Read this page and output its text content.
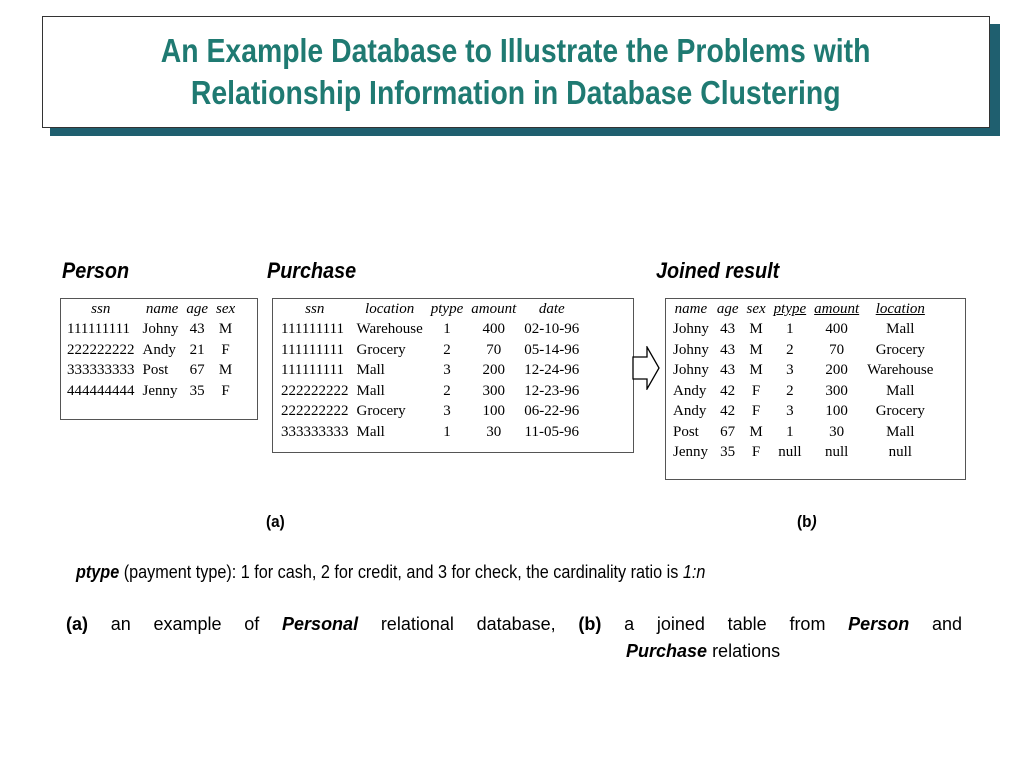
An Example Database to Illustrate the Problems with
Relationship Information in Database Clustering
Person	Purchase	Joined result
ssn	name	age	sex
111111111	Johny	43	M
222222222	Andy	21	F
333333333	Post	67	M
444444444	Jenny	35	F
ssn	location	ptype	amount	date
111111111	Warehouse	1	400	02-10-96
111111111	Grocery	2	70	05-14-96
111111111	Mall	3	200	12-24-96
222222222	Mall	2	300	12-23-96
222222222	Grocery	3	100	06-22-96
333333333	Mall	1	30	11-05-96
name	age	sex	ptype	amount	location
Johny	43	M	1	400	Mall
Johny	43	M	2	70	Grocery
Johny	43	M	3	200	Warehouse
Andy	42	F	2	300	Mall
Andy	42	F	3	100	Grocery
Post	67	M	1	30	Mall
Jenny	35	F	null	null	null
(a)	(b)
ptype (payment type): 1 for cash, 2 for credit, and 3 for check, the cardinality ratio is 1:n
(a) an example of Personal relational database, (b) a joined table from Person and
Purchase relations
